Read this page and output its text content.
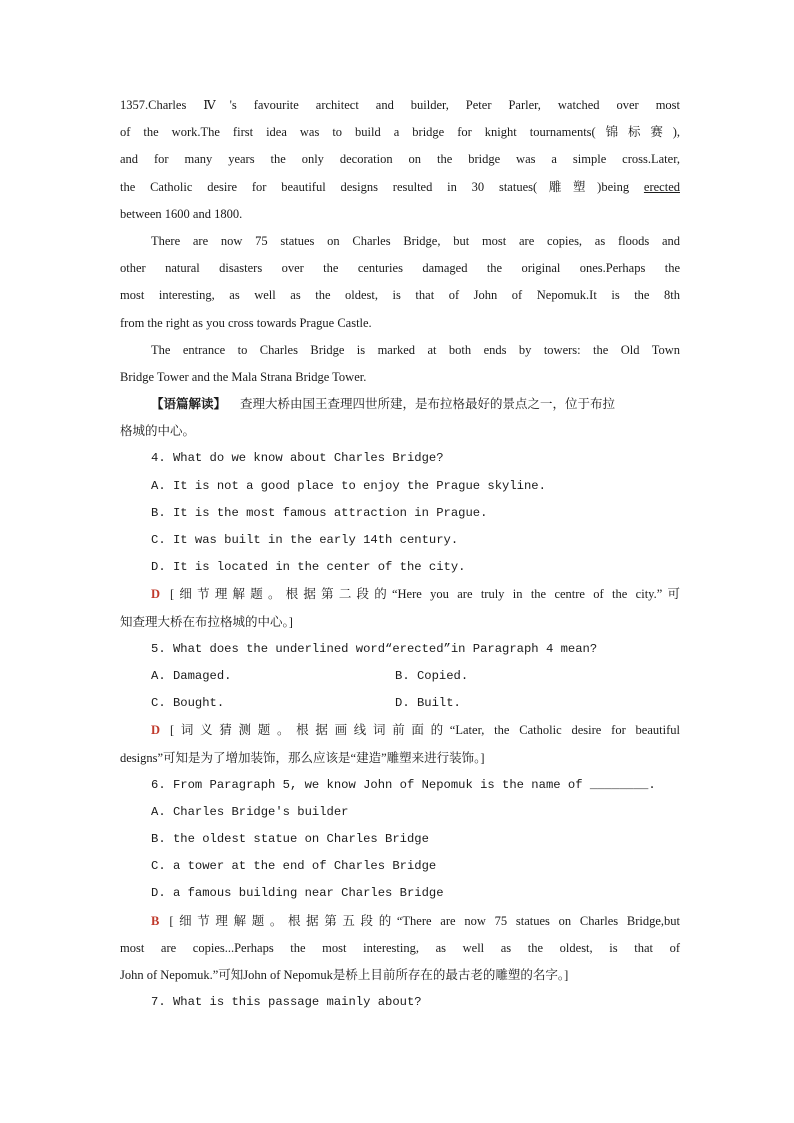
1357.Charles Ⅳ's favourite architect and builder, Peter Parler, watched over most
of the work.The first idea was to build a bridge for knight tournaments(锦标赛),
and for many years the only decoration on the bridge was a simple cross.Later,
the Catholic desire for beautiful designs resulted in 30 statues(雕塑)being erected
between 1600 and 1800.
There are now 75 statues on Charles Bridge, but most are copies, as floods and
other natural disasters over the centuries damaged the original ones.Perhaps the
most interesting, as well as the oldest, is that of John of Nepomuk.It is the 8th
from the right as you cross towards Prague Castle.
The entrance to Charles Bridge is marked at both ends by towers: the Old Town
Bridge Tower and the Mala Strana Bridge Tower.
【语篇解读】 查理大桥由国王查理四世所建，是布拉格最好的景点之一，位于布拉
格城的中心。
4. What do we know about Charles Bridge?
A. It is not a good place to enjoy the Prague skyline.
B. It is the most famous attraction in Prague.
C. It was built in the early 14th century.
D. It is located in the center of the city.
D [细节理解题。根据第二段的“Here you are truly in the centre of the city.”可
知查理大桥在布拉格城的中心。]
5. What does the underlined word“erected”in Paragraph 4 mean?
A. Damaged.	B. Copied.
C. Bought.	D. Built.
D [词义猜测题。根据画线词前面的“Later, the Catholic desire for beautiful
designs”可知是为了增加装饰，那么应该是“建造”雕塑来进行装饰。]
6. From Paragraph 5, we know John of Nepomuk is the name of ________.
A. Charles Bridge's builder
B. the oldest statue on Charles Bridge
C. a tower at the end of Charles Bridge
D. a famous building near Charles Bridge
B [细节理解题。根据第五段的“There are now 75 statues on Charles Bridge,but
most are copies...Perhaps the most interesting, as well as the oldest, is that of
John of Nepomuk.”可知John of Nepomuk是桥上目前所存在的最古老的雕塑的名字。]
7. What is this passage mainly about?
